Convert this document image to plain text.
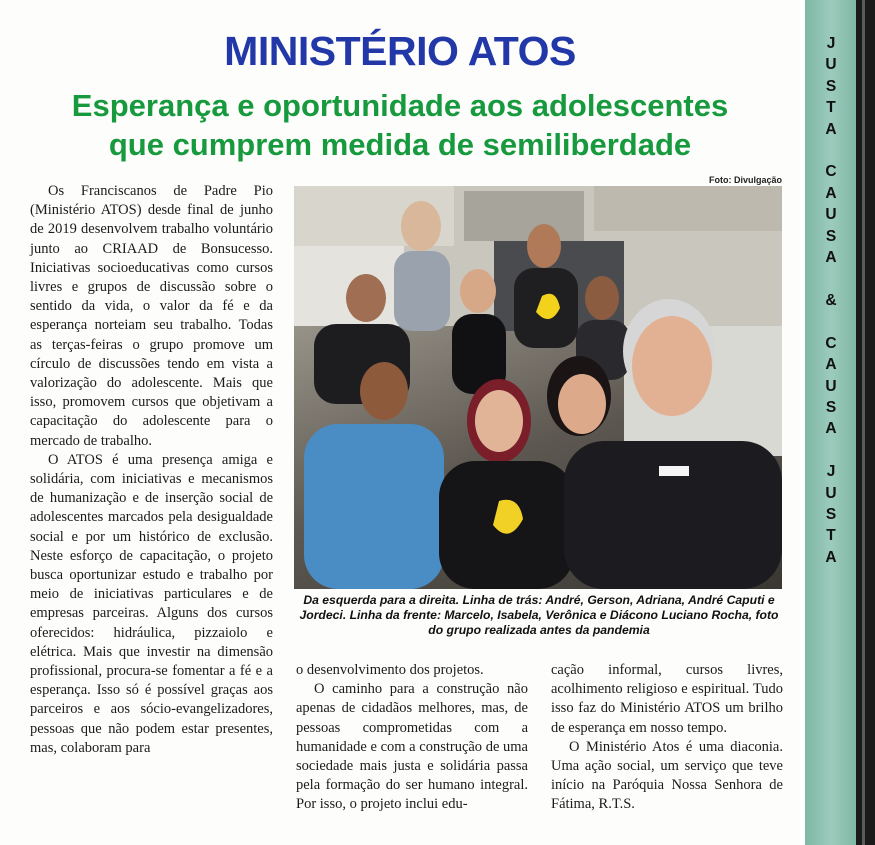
MINISTÉRIO ATOS
Esperança e oportunidade aos adolescentes
que cumprem medida de semiliberdade
Foto: Divulgação

Da esquerda para a direita. Linha de trás: André, Gerson, Adriana, André Caputi e Jordeci. Linha da frente: Marcelo, Isabela, Verônica e Diácono Luciano Rocha, foto do grupo realizada antes da pandemia

Os Franciscanos de Padre Pio (Ministério ATOS) desde final de junho de 2019 desenvolvem trabalho voluntário junto ao CRIAAD de Bonsucesso. Iniciativas socioeducativas como cursos livres e grupos de discussão sobre o sentido da vida, o valor da fé e da esperança norteiam seu trabalho. Todas as terças-feiras o grupo promove um círculo de discussões tendo em vista a valorização do adolescente. Mais que isso, promovem cursos que objetivam a capacitação do adolescente para o mercado de trabalho.

O ATOS é uma presença amiga e solidária, com iniciativas e mecanismos de humanização e de inserção social de adolescentes marcados pela desigualdade social e por um histórico de exclusão. Neste esforço de capacitação, o projeto busca oportunizar estudo e trabalho por meio de iniciativas particulares e de empresas parceiras. Alguns dos cursos oferecidos: hidráulica, pizzaiolo e elétrica. Mais que investir na dimensão profissional, procura-se fomentar a fé e a esperança. Isso só é possível graças aos parceiros e aos sócio-evangelizadores, pessoas que não podem estar presentes, mas, colaboram para

o desenvolvimento dos projetos.

O caminho para a construção não apenas de cidadãos melhores, mas, de pessoas comprometidas com a humanidade e com a construção de uma sociedade mais justa e solidária passa pela formação do ser humano integral. Por isso, o projeto inclui edu-

cação informal, cursos livres, acolhimento religioso e espiritual. Tudo isso faz do Ministério ATOS um brilho de esperança em nosso tempo.

O Ministério Atos é uma diaconia. Uma ação social, um serviço que teve início na Paróquia Nossa Senhora de Fátima, R.T.S.

J
U
S
T
A

C
A
U
S
A

&

C
A
U
S
A

J
U
S
T
A
